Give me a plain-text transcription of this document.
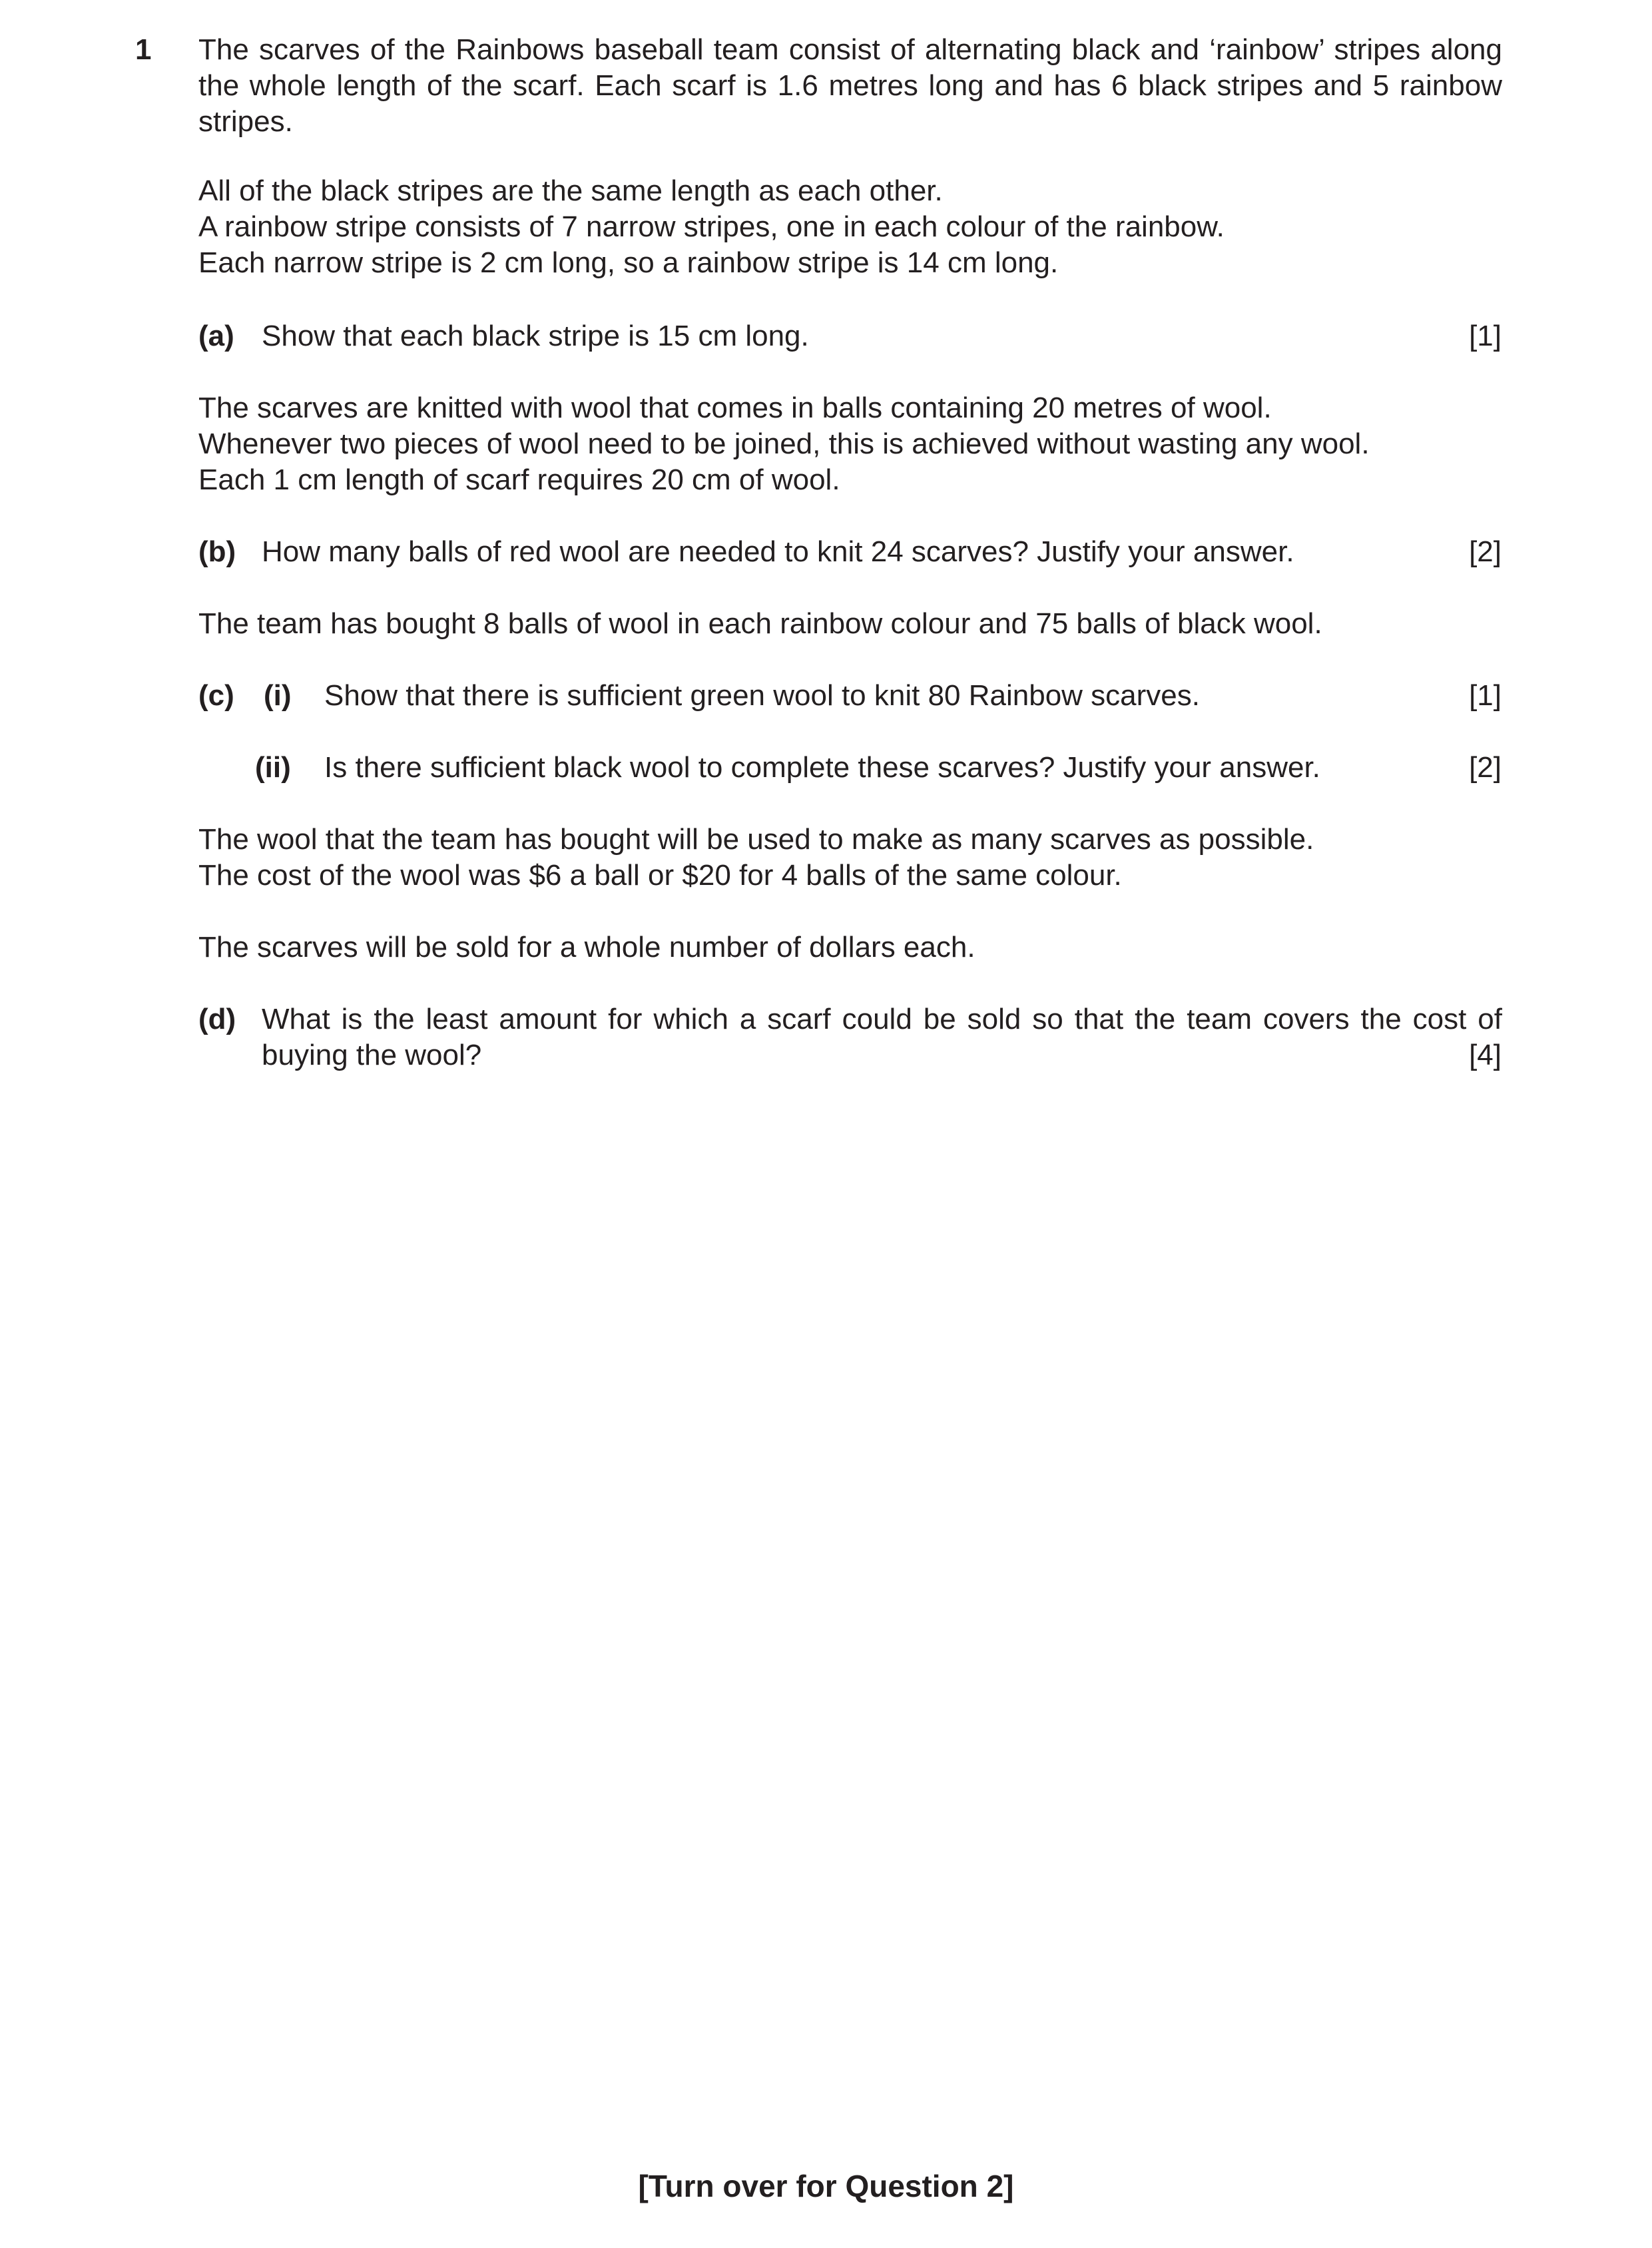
1 The scarves of the Rainbows baseball team consist of alternating black and ‘rainbow’ stripes along the whole length of the scarf. Each scarf is 1.6 metres long and has 6 black stripes and 5 rainbow stripes.

All of the black stripes are the same length as each other.
A rainbow stripe consists of 7 narrow stripes, one in each colour of the rainbow.
Each narrow stripe is 2 cm long, so a rainbow stripe is 14 cm long.
(a) Show that each black stripe is 15 cm long.	[1]
The scarves are knitted with wool that comes in balls containing 20 metres of wool.
Whenever two pieces of wool need to be joined, this is achieved without wasting any wool.
Each 1 cm length of scarf requires 20 cm of wool.
(b) How many balls of red wool are needed to knit 24 scarves? Justify your answer.	[2]
The team has bought 8 balls of wool in each rainbow colour and 75 balls of black wool.
(c) (i) Show that there is sufficient green wool to knit 80 Rainbow scarves.	[1]
(ii) Is there sufficient black wool to complete these scarves? Justify your answer.	[2]
The wool that the team has bought will be used to make as many scarves as possible.
The cost of the wool was $6 a ball or $20 for 4 balls of the same colour.
The scarves will be sold for a whole number of dollars each.
(d) What is the least amount for which a scarf could be sold so that the team covers the cost of
buying the wool?	[4]
[Turn over for Question 2]
